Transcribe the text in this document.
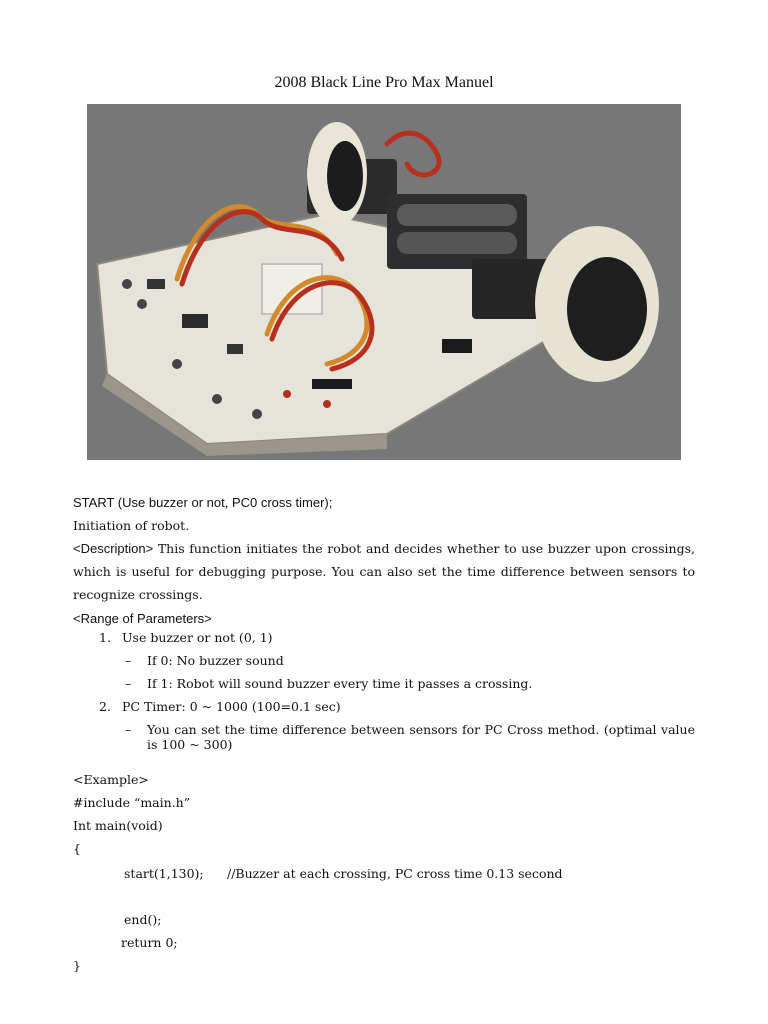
2008 Black Line Pro Max Manuel
START (Use buzzer or not, PC0 cross timer);
Initiation of robot.
<Description> This function initiates the robot and decides whether to use buzzer upon crossings, which is useful for debugging purpose. You can also set the time difference between sensors to recognize crossings.
<Range of Parameters>
1. Use buzzer or not (0, 1)
– If 0: No buzzer sound
– If 1: Robot will sound buzzer every time it passes a crossing.
2. PC Timer: 0 ~ 1000 (100=0.1 sec)
– You can set the time difference between sensors for PC Cross method. (optimal value is 100 ~ 300)
<Example>
#include “main.h”
Int main(void)
{
start(1,130);	//Buzzer at each crossing, PC cross time 0.13 second
end();
return 0;
}
